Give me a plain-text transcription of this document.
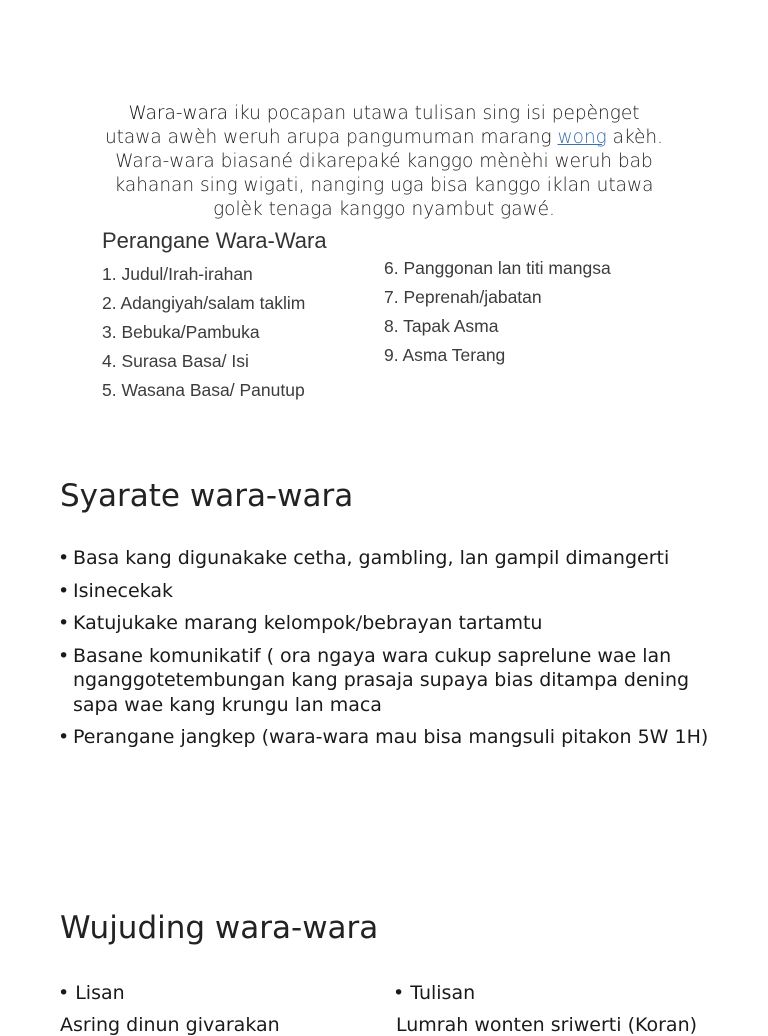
Wara-wara iku pocapan utawa tulisan sing isi pepènget utawa awèh weruh arupa pangumuman marang wong akèh. Wara-wara biasané dikarepaké kanggo mènèhi weruh bab kahanan sing wigati, nanging uga bisa kanggo iklan utawa golèk tenaga kanggo nyambut gawé.
Perangane Wara-Wara
1. Judul/Irah-irahan
2. Adangiyah/salam taklim
3. Bebuka/Pambuka
4. Surasa Basa/ Isi
5. Wasana Basa/ Panutup
6. Panggonan lan titi mangsa
7. Peprenah/jabatan
8. Tapak Asma
9. Asma Terang
Syarate wara-wara
• Basa kang digunakake cetha, gambling, lan gampil dimangerti
• Isinecekak
• Katujukake marang kelompok/bebrayan tartamtu
• Basane komunikatif ( ora ngaya wara cukup saprelune wae lan nganggotetembungan kang prasaja supaya bias ditampa dening sapa wae kang krungu lan maca
• Perangane jangkep (wara-wara mau bisa mangsuli pitakon 5W 1H)
Wujuding wara-wara
• Lisan	• Tulisan
Asring dinun givarakan	Lumrah wonten sriwerti (Koran)
